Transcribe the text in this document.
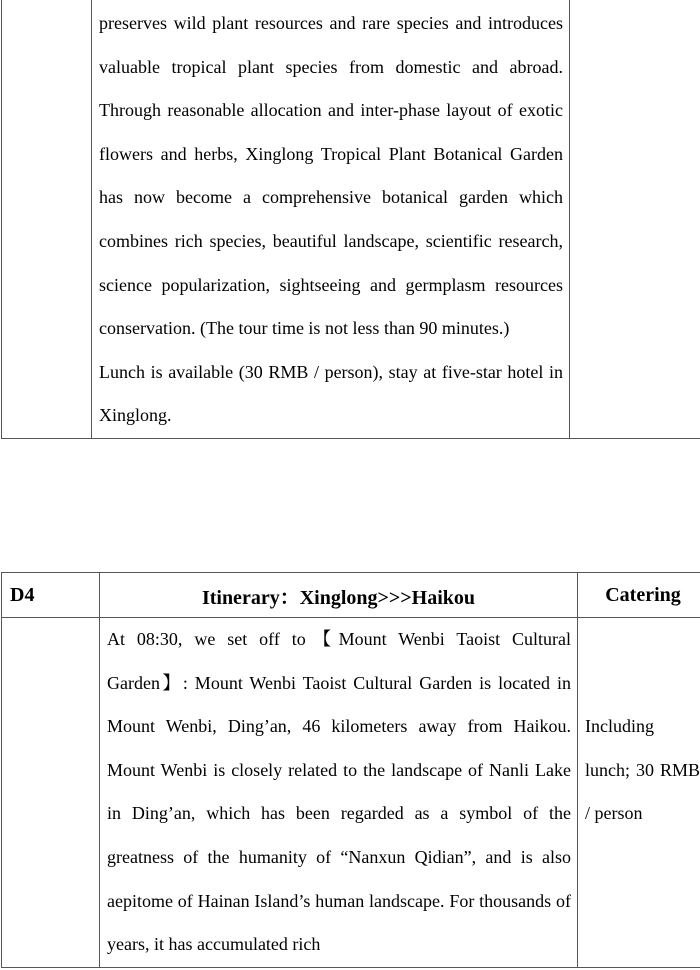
preserves wild plant resources and rare species and introduces valuable tropical plant species from domestic and abroad. Through reasonable allocation and inter-phase layout of exotic flowers and herbs, Xinglong Tropical Plant Botanical Garden has now become a comprehensive botanical garden which combines rich species, beautiful landscape, scientific research, science popularization, sightseeing and germplasm resources conservation. (The tour time is not less than 90 minutes.)

Lunch is available (30 RMB / person), stay at five-star hotel in Xinglong.

D4	Itinerary：Xinglong>>>Haikou	Catering

	At 08:30, we set off to【Mount Wenbi Taoist Cultural Garden】: Mount Wenbi Taoist Cultural Garden is located in Mount Wenbi, Ding’an, 46 kilometers away from Haikou. Mount Wenbi is closely related to the landscape of Nanli Lake in Ding’an, which has been regarded as a symbol of the greatness of the humanity of “Nanxun Qidian”, and is also aepitome of Hainan Island’s human landscape. For thousands of years, it has accumulated rich	Including lunch; 30 RMB / person
